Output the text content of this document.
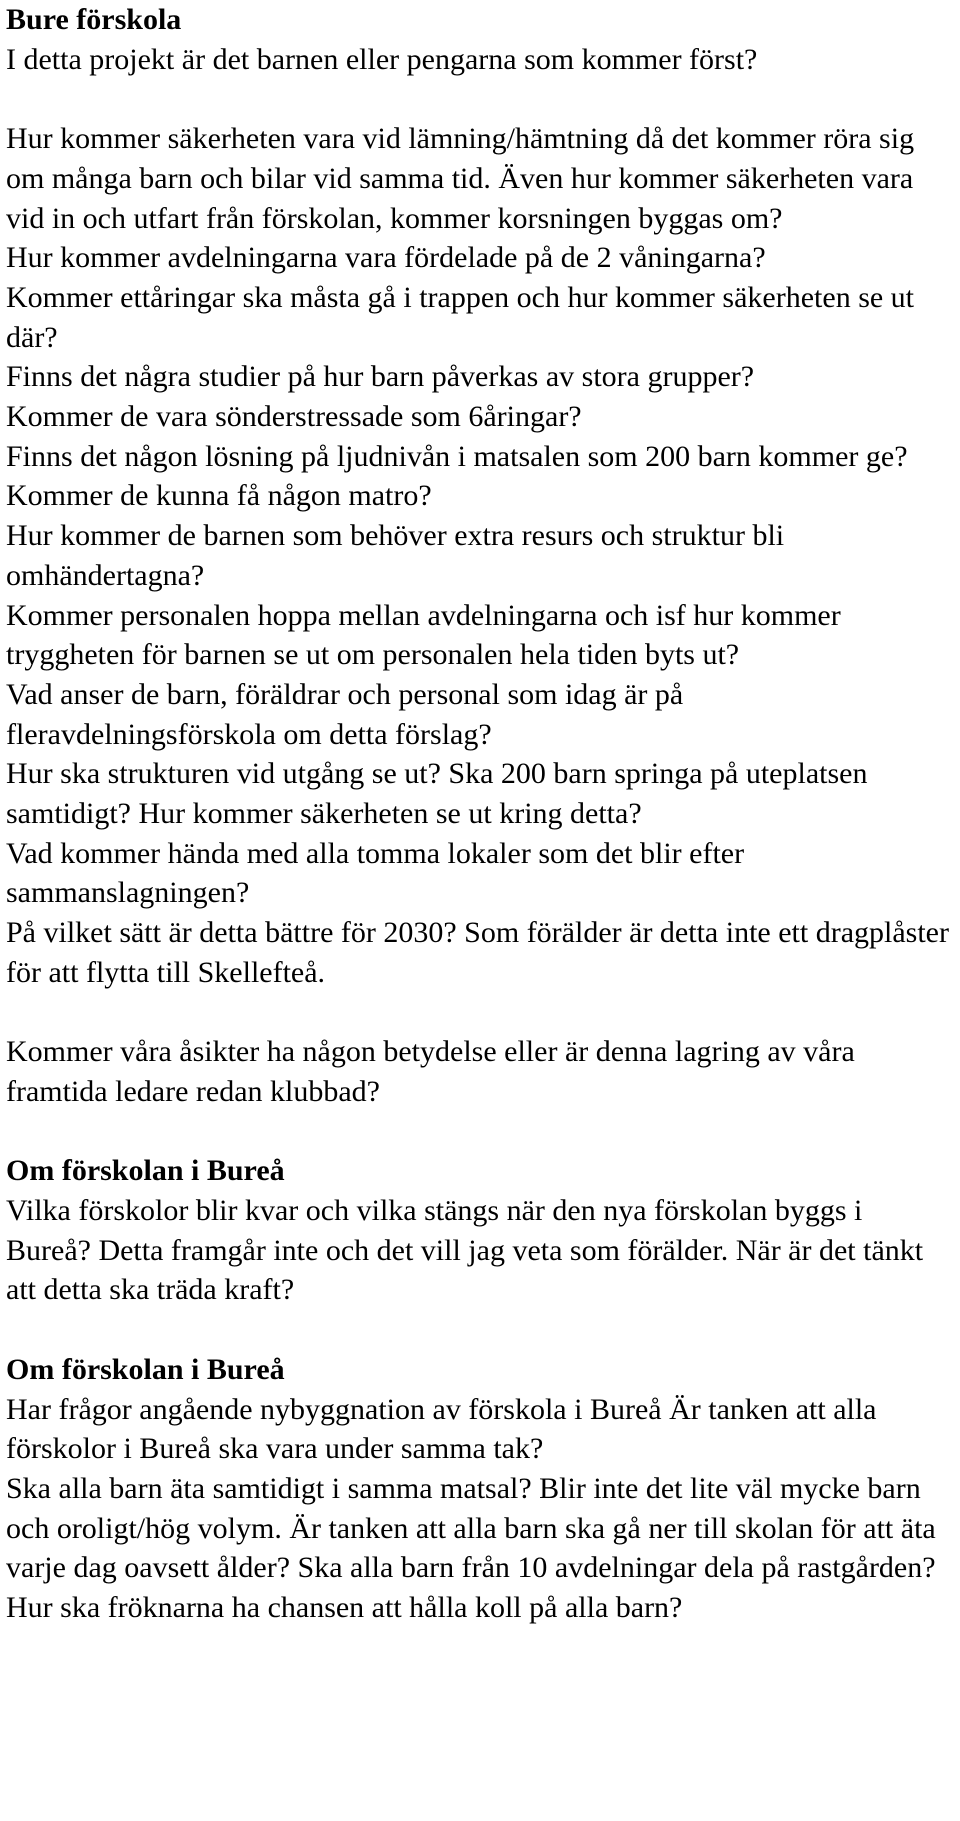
Bure förskola

I detta projekt är det barnen eller pengarna som kommer först?

Hur kommer säkerheten vara vid lämning/hämtning då det kommer röra sig om många barn och bilar vid samma tid. Även hur kommer säkerheten vara vid in och utfart från förskolan, kommer korsningen byggas om?

Hur kommer avdelningarna vara fördelade på de 2 våningarna?

Kommer ettåringar ska måsta gå i trappen och hur kommer säkerheten se ut där?

Finns det några studier på hur barn påverkas av stora grupper?

Kommer de vara sönderstressade som 6åringar?

Finns det någon lösning på ljudnivån i matsalen som 200 barn kommer ge?

Kommer de kunna få någon matro?

Hur kommer de barnen som behöver extra resurs och struktur bli omhändertagna?

Kommer personalen hoppa mellan avdelningarna och isf hur kommer tryggheten för barnen se ut om personalen hela tiden byts ut?

Vad anser de barn, föräldrar och personal som idag är på fleravdelningsförskola om detta förslag?

Hur ska strukturen vid utgång se ut? Ska 200 barn springa på uteplatsen samtidigt? Hur kommer säkerheten se ut kring detta?

Vad kommer hända med alla tomma lokaler som det blir efter sammanslagningen?

På vilket sätt är detta bättre för 2030? Som förälder är detta inte ett dragplåster för att flytta till Skellefteå.

Kommer våra åsikter ha någon betydelse eller är denna lagring av våra framtida ledare redan klubbad?

Om förskolan i Bureå

Vilka förskolor blir kvar och vilka stängs när den nya förskolan byggs i Bureå? Detta framgår inte och det vill jag veta som förälder. När är det tänkt att detta ska träda kraft?

Om förskolan i Bureå

Har frågor angående nybyggnation av förskola i Bureå Är tanken att alla förskolor i Bureå ska vara under samma tak?

Ska alla barn äta samtidigt i samma matsal? Blir inte det lite väl mycke barn och oroligt/hög volym. Är tanken att alla barn ska gå ner till skolan för att äta varje dag oavsett ålder? Ska alla barn från 10 avdelningar dela på rastgården? Hur ska fröknarna ha chansen att hålla koll på alla barn?
